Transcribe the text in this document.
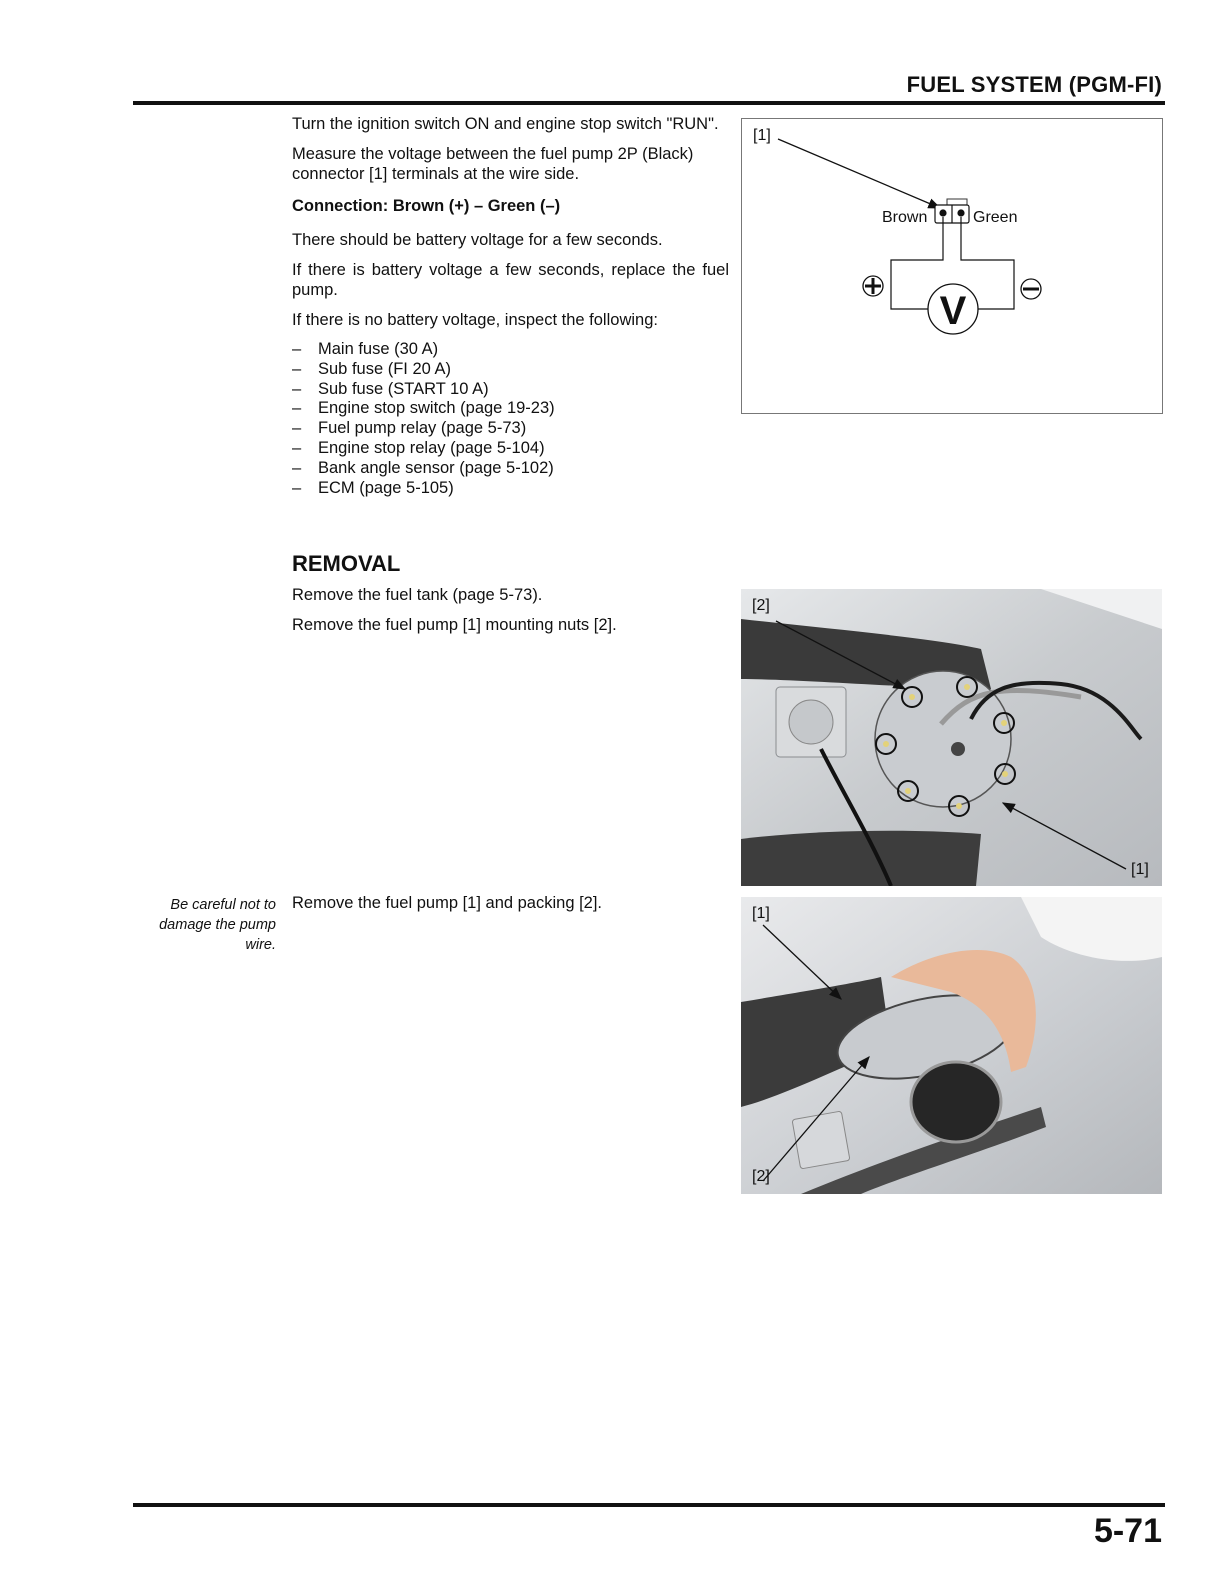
FUEL SYSTEM (PGM-FI)

Turn the ignition switch ON and engine stop switch "RUN".

Measure the voltage between the fuel pump 2P (Black) connector [1] terminals at the wire side.

Connection: Brown (+) – Green (–)

There should be battery voltage for a few seconds.

If there is battery voltage a few seconds, replace the fuel pump.

If there is no battery voltage, inspect the following:

– Main fuse (30 A)
– Sub fuse (FI 20 A)
– Sub fuse (START 10 A)
– Engine stop switch (page 19-23)
– Fuel pump relay (page 5-73)
– Engine stop relay (page 5-104)
– Bank angle sensor (page 5-102)
– ECM (page 5-105)
[1]
V
Brown	Green
REMOVAL

Remove the fuel tank (page 5-73).

Remove the fuel pump [1] mounting nuts [2].

[2]
[1]
Be careful not to damage the pump wire.

Remove the fuel pump [1] and packing [2].

[1]
[2]
5-71
